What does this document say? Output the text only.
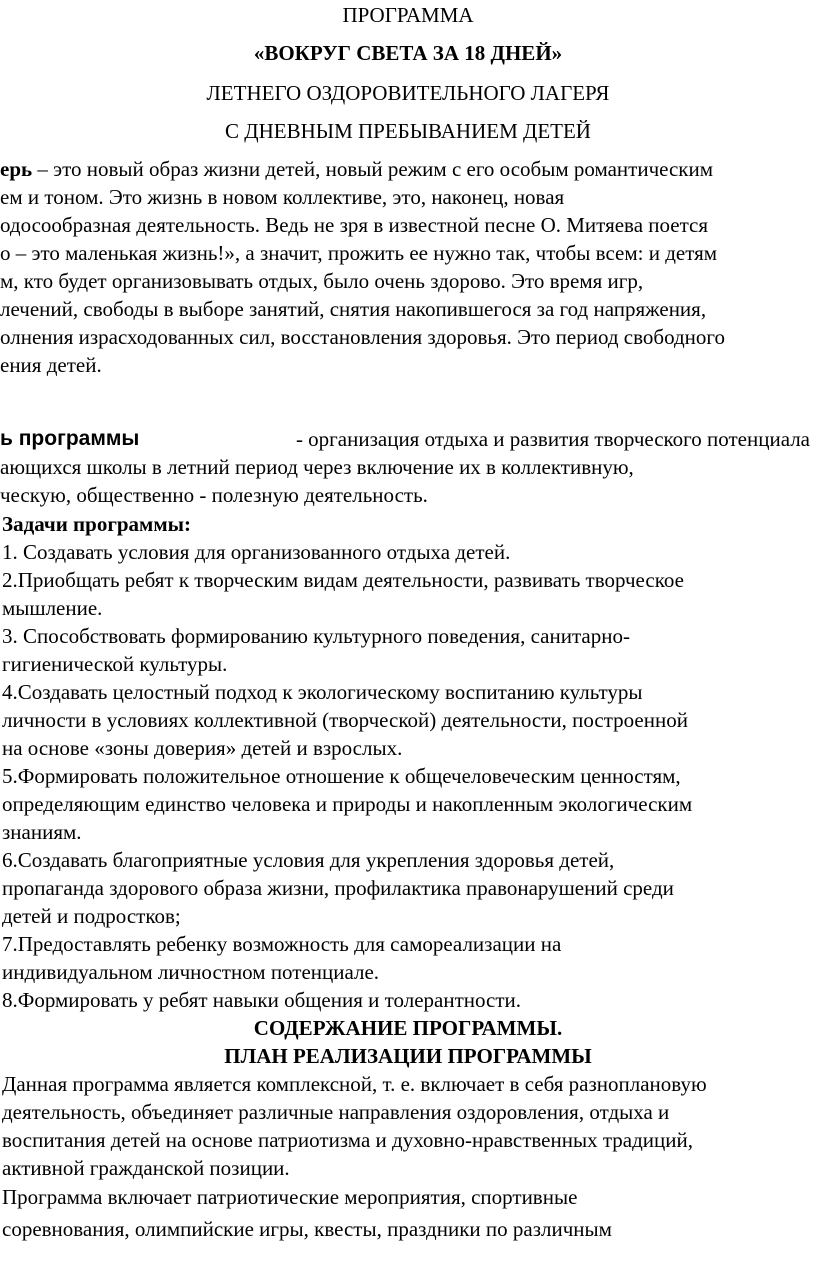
ПРОГРАММА
«ВОКРУГ СВЕТА ЗА 18 ДНЕЙ»
ЛЕТНЕГО ОЗДОРОВИТЕЛЬНОГО ЛАГЕРЯ
С ДНЕВНЫМ ПРЕБЫВАНИЕМ ДЕТЕЙ
ерь – это новый образ жизни детей, новый режим с его особым романтическим
ем и тоном. Это жизнь в новом коллективе, это, наконец, новая
одосообразная деятельность. Ведь не зря в известной песне О. Митяева поется
о – это маленькая жизнь!», а значит, прожить ее нужно так, чтобы всем: и детям
м, кто будет организовывать отдых, было очень здорово. Это время игр,
лечений, свободы в выборе занятий, снятия накопившегося за год напряжения,
олнения израсходованных сил, восстановления здоровья. Это период свободного
ения детей.
ь программы	- организация отдыха и развития творческого потенциала
ающихся школы в летний период через включение их в коллективную,
ческую, общественно - полезную деятельность.
Задачи программы:
1. Создавать условия для организованного отдыха детей.
2.Приобщать ребят к творческим видам деятельности, развивать творческое
мышление.
3. Способствовать формированию культурного поведения, санитарно-
гигиенической культуры.
4.Создавать целостный подход к экологическому воспитанию культуры
личности в условиях коллективной (творческой) деятельности, построенной
на основе «зоны доверия» детей и взрослых.
5.Формировать положительное отношение к общечеловеческим ценностям,
определяющим единство человека и природы и накопленным экологическим
знаниям.
6.Создавать благоприятные условия для укрепления здоровья детей,
пропаганда здорового образа жизни, профилактика правонарушений среди
детей и подростков;
7.Предоставлять ребенку возможность для самореализации на
индивидуальном личностном потенциале.
8.Формировать у ребят навыки общения и толерантности.
СОДЕРЖАНИЕ ПРОГРАММЫ.
ПЛАН РЕАЛИЗАЦИИ ПРОГРАММЫ
Данная программа является комплексной, т. е. включает в себя разноплановую
деятельность, объединяет различные направления оздоровления, отдыха и
воспитания детей на основе патриотизма и духовно-нравственных традиций,
активной гражданской позиции.
Программа включает патриотические мероприятия, спортивные
соревнования, олимпийские игры, квесты, праздники по различным
